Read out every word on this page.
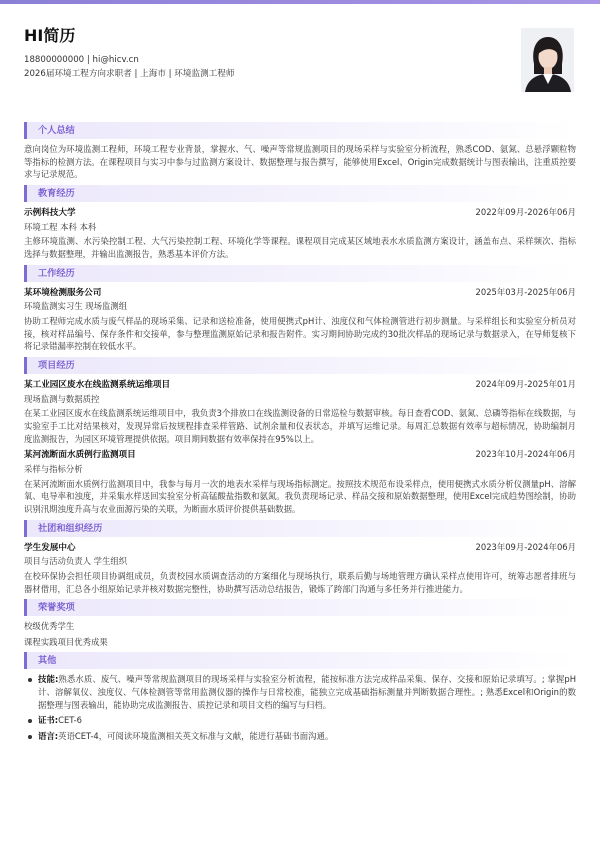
HI简历
18800000000 | hi@hicv.cn
2026届环境工程方向求职者 | 上海市 | 环境监测工程师
个人总结
意向岗位为环境监测工程师，环境工程专业背景，掌握水、气、噪声等常规监测项目的现场采样与实验室分析流程，熟悉COD、氨氮、总悬浮颗粒物等指标的检测方法。在课程项目与实习中参与过监测方案设计、数据整理与报告撰写，能够使用Excel、Origin完成数据统计与图表输出，注重质控要求与记录规范。
教育经历
示例科技大学	2022年09月-2026年06月
环境工程 本科 本科
主修环境监测、水污染控制工程、大气污染控制工程、环境化学等课程。课程项目完成某区域地表水水质监测方案设计，涵盖布点、采样频次、指标选择与数据整理，并输出监测报告，熟悉基本评价方法。
工作经历
某环境检测服务公司	2025年03月-2025年06月
环境监测实习生 现场监测组
协助工程师完成水质与废气样品的现场采集、记录和送检准备，使用便携式pH计、浊度仪和气体检测管进行初步测量。与采样组长和实验室分析员对接，核对样品编号、保存条件和交接单，参与整理监测原始记录和报告附件。实习期间协助完成约30批次样品的现场记录与数据录入，在导师复核下将记录错漏率控制在较低水平。
项目经历
某工业园区废水在线监测系统运维项目	2024年09月-2025年01月
现场监测与数据质控
在某工业园区废水在线监测系统运维项目中，我负责3个排放口在线监测设备的日常巡检与数据审核。每日查看COD、氨氮、总磷等指标在线数据，与实验室手工比对结果核对，发现异常后按规程排查采样管路、试剂余量和仪表状态，并填写运维记录。每周汇总数据有效率与超标情况，协助编制月度监测报告，为园区环境管理提供依据。项目期间数据有效率保持在95%以上。
某河流断面水质例行监测项目	2023年10月-2024年06月
采样与指标分析
在某河流断面水质例行监测项目中，我参与每月一次的地表水采样与现场指标测定。按照技术规范布设采样点，使用便携式水质分析仪测量pH、溶解氧、电导率和浊度，并采集水样送回实验室分析高锰酸盐指数和氨氮。我负责现场记录、样品交接和原始数据整理，使用Excel完成趋势图绘制，协助识别汛期浊度升高与农业面源污染的关联，为断面水质评价提供基础数据。
社团和组织经历
学生发展中心	2023年09月-2024年06月
项目与活动负责人 学生组织
在校环保协会担任项目协调组成员，负责校园水质调查活动的方案细化与现场执行，联系后勤与场地管理方确认采样点使用许可，统筹志愿者排班与器材借用，汇总各小组原始记录并核对数据完整性，协助撰写活动总结报告，锻炼了跨部门沟通与多任务并行推进能力。
荣誉奖项
校级优秀学生
课程实践项目优秀成果
其他
技能:熟悉水质、废气、噪声等常规监测项目的现场采样与实验室分析流程，能按标准方法完成样品采集、保存、交接和原始记录填写。; 掌握pH计、溶解氧仪、浊度仪、气体检测管等常用监测仪器的操作与日常校准，能独立完成基础指标测量并判断数据合理性。; 熟悉Excel和Origin的数据整理与图表输出，能协助完成监测报告、质控记录和项目文档的编写与归档。
证书:CET-6
语言:英语CET-4，可阅读环境监测相关英文标准与文献，能进行基础书面沟通。
